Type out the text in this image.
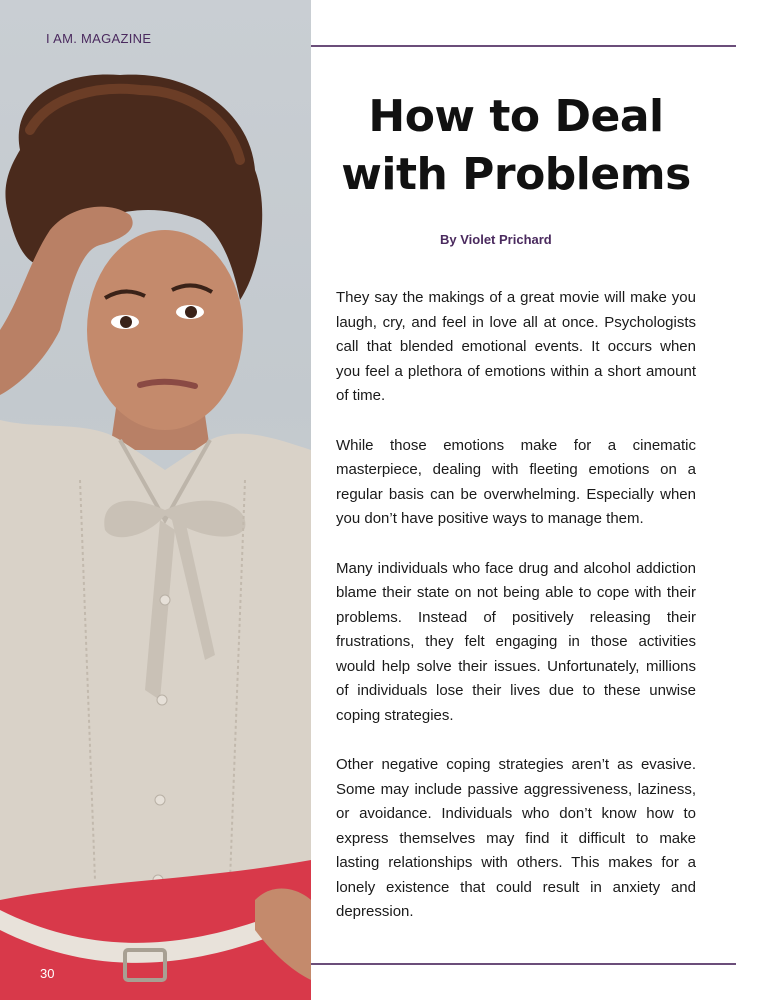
I AM. MAGAZINE
How to Deal with Problems
By Violet Prichard

They say the makings of a great movie will make you laugh, cry, and feel in love all at once. Psychologists call that blended emotional events. It occurs when you feel a plethora of emotions within a short amount of time.

While those emotions make for a cinematic masterpiece, dealing with fleeting emotions on a regular basis can be overwhelming. Especially when you don’t have positive ways to manage them.

Many individuals who face drug and alcohol addiction blame their state on not being able to cope with their problems. Instead of positively releasing their frustrations, they felt engaging in those activities would help solve their issues. Unfortunately, millions of individuals lose their lives due to these unwise coping strategies.

Other negative coping strategies aren’t as evasive. Some may include passive aggressiveness, laziness, or avoidance. Individuals who don’t know how to express themselves may find it difficult to make lasting relationships with others. This makes for a lonely existence that could result in anxiety and depression.

30
